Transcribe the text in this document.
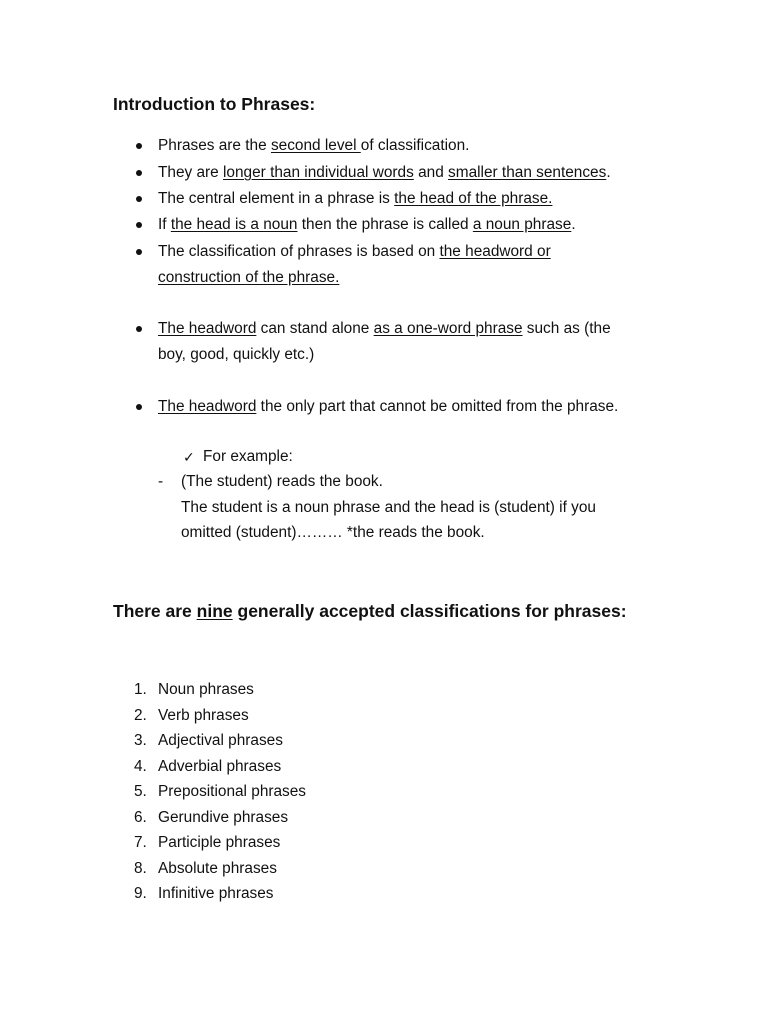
Introduction to Phrases:
Phrases are the second level of classification.
They are longer than individual words and smaller than sentences.
The central element in a phrase is the head of the phrase.
If the head is a noun then the phrase is called a noun phrase.
The classification of phrases is based on the headword or
construction of the phrase.
The headword can stand alone as a one-word phrase such as (the
boy, good, quickly etc.)
The headword the only part that cannot be omitted from the phrase.
✓ For example:
- (The student) reads the book.
The student is a noun phrase and the head is (student) if you
omitted (student)……… *the reads the book.
There are nine generally accepted classifications for phrases:
1. Noun phrases
2. Verb phrases
3. Adjectival phrases
4. Adverbial phrases
5. Prepositional phrases
6. Gerundive phrases
7. Participle phrases
8. Absolute phrases
9. Infinitive phrases
